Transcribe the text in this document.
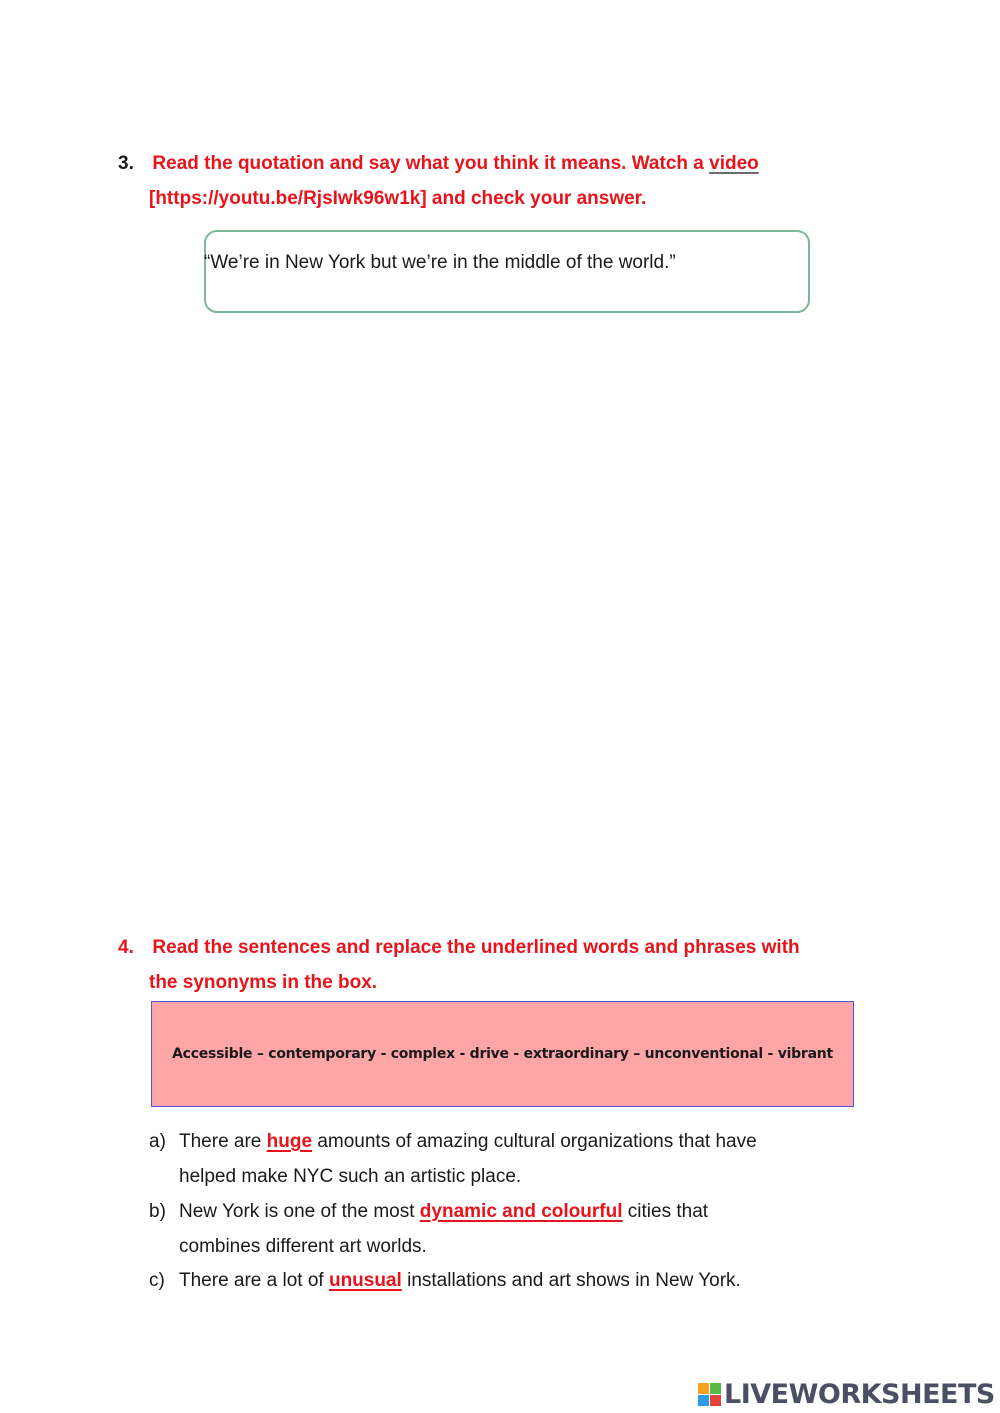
3. Read the quotation and say what you think it means. Watch a video
[https://youtu.be/RjsIwk96w1k] and check your answer.
“We’re in New York but we’re in the middle of the world.”
4. Read the sentences and replace the underlined words and phrases with
the synonyms in the box.
Accessible – contemporary - complex - drive - extraordinary – unconventional - vibrant
a) There are huge amounts of amazing cultural organizations that have
helped make NYC such an artistic place.
b) New York is one of the most dynamic and colourful cities that
combines different art worlds.
c) There are a lot of unusual installations and art shows in New York.
LIVEWORKSHEETS
